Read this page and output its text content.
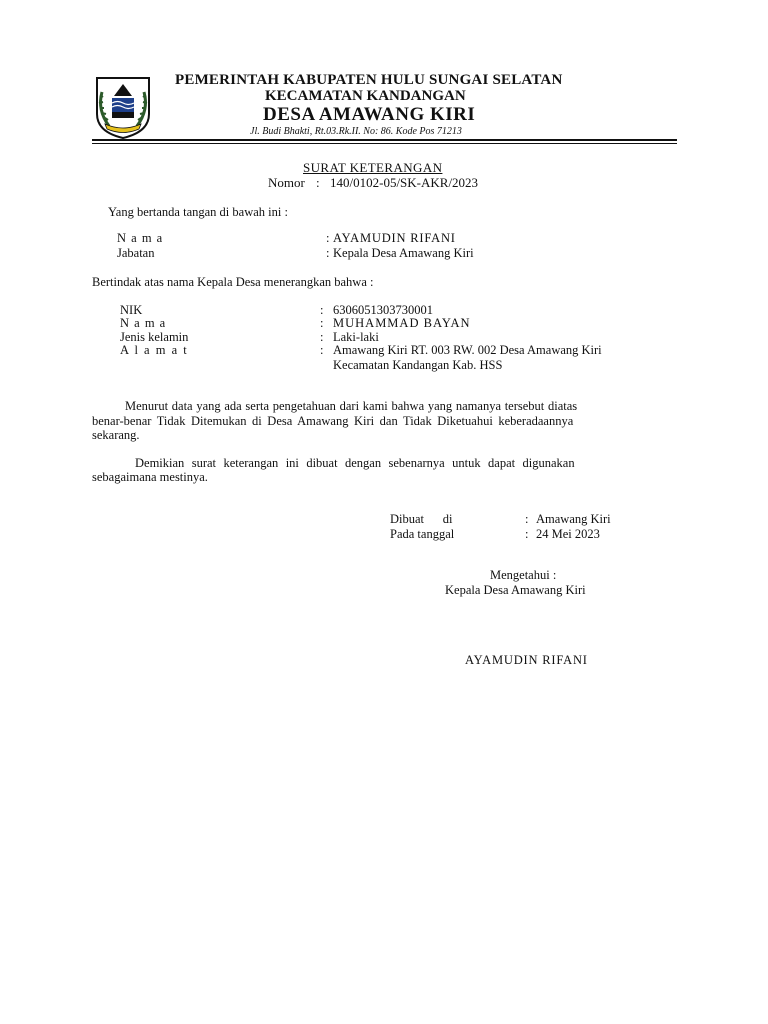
PEMERINTAH KABUPATEN HULU SUNGAI SELATAN
KECAMATAN KANDANGAN
DESA AMAWANG KIRI
Jl. Budi Bhakti, Rt.03.Rk.II. No: 86. Kode Pos 71213
SURAT KETERANGAN
Nomor : 140/0102-05/SK-AKR/2023
Yang bertanda tangan di bawah ini :
N a m a	: AYAMUDIN RIFANI
Jabatan	: Kepala Desa Amawang Kiri
Bertindak atas nama Kepala Desa menerangkan bahwa :
NIK	: 6306051303730001
N a m a	: MUHAMMAD BAYAN
Jenis kelamin	: Laki-laki
A l a m a t	: Amawang Kiri RT. 003 RW. 002 Desa Amawang Kiri
Kecamatan Kandangan Kab. HSS
Menurut data yang ada serta pengetahuan dari kami bahwa yang namanya tersebut diatas
benar-benar Tidak Ditemukan di Desa Amawang Kiri dan Tidak Diketuahui keberadaannya
sekarang.
Demikian surat keterangan ini dibuat dengan sebenarnya untuk dapat digunakan
sebagaimana mestinya.
Dibuat      di	: Amawang Kiri
Pada tanggal	: 24 Mei 2023
Mengetahui :
Kepala Desa Amawang Kiri
AYAMUDIN RIFANI
